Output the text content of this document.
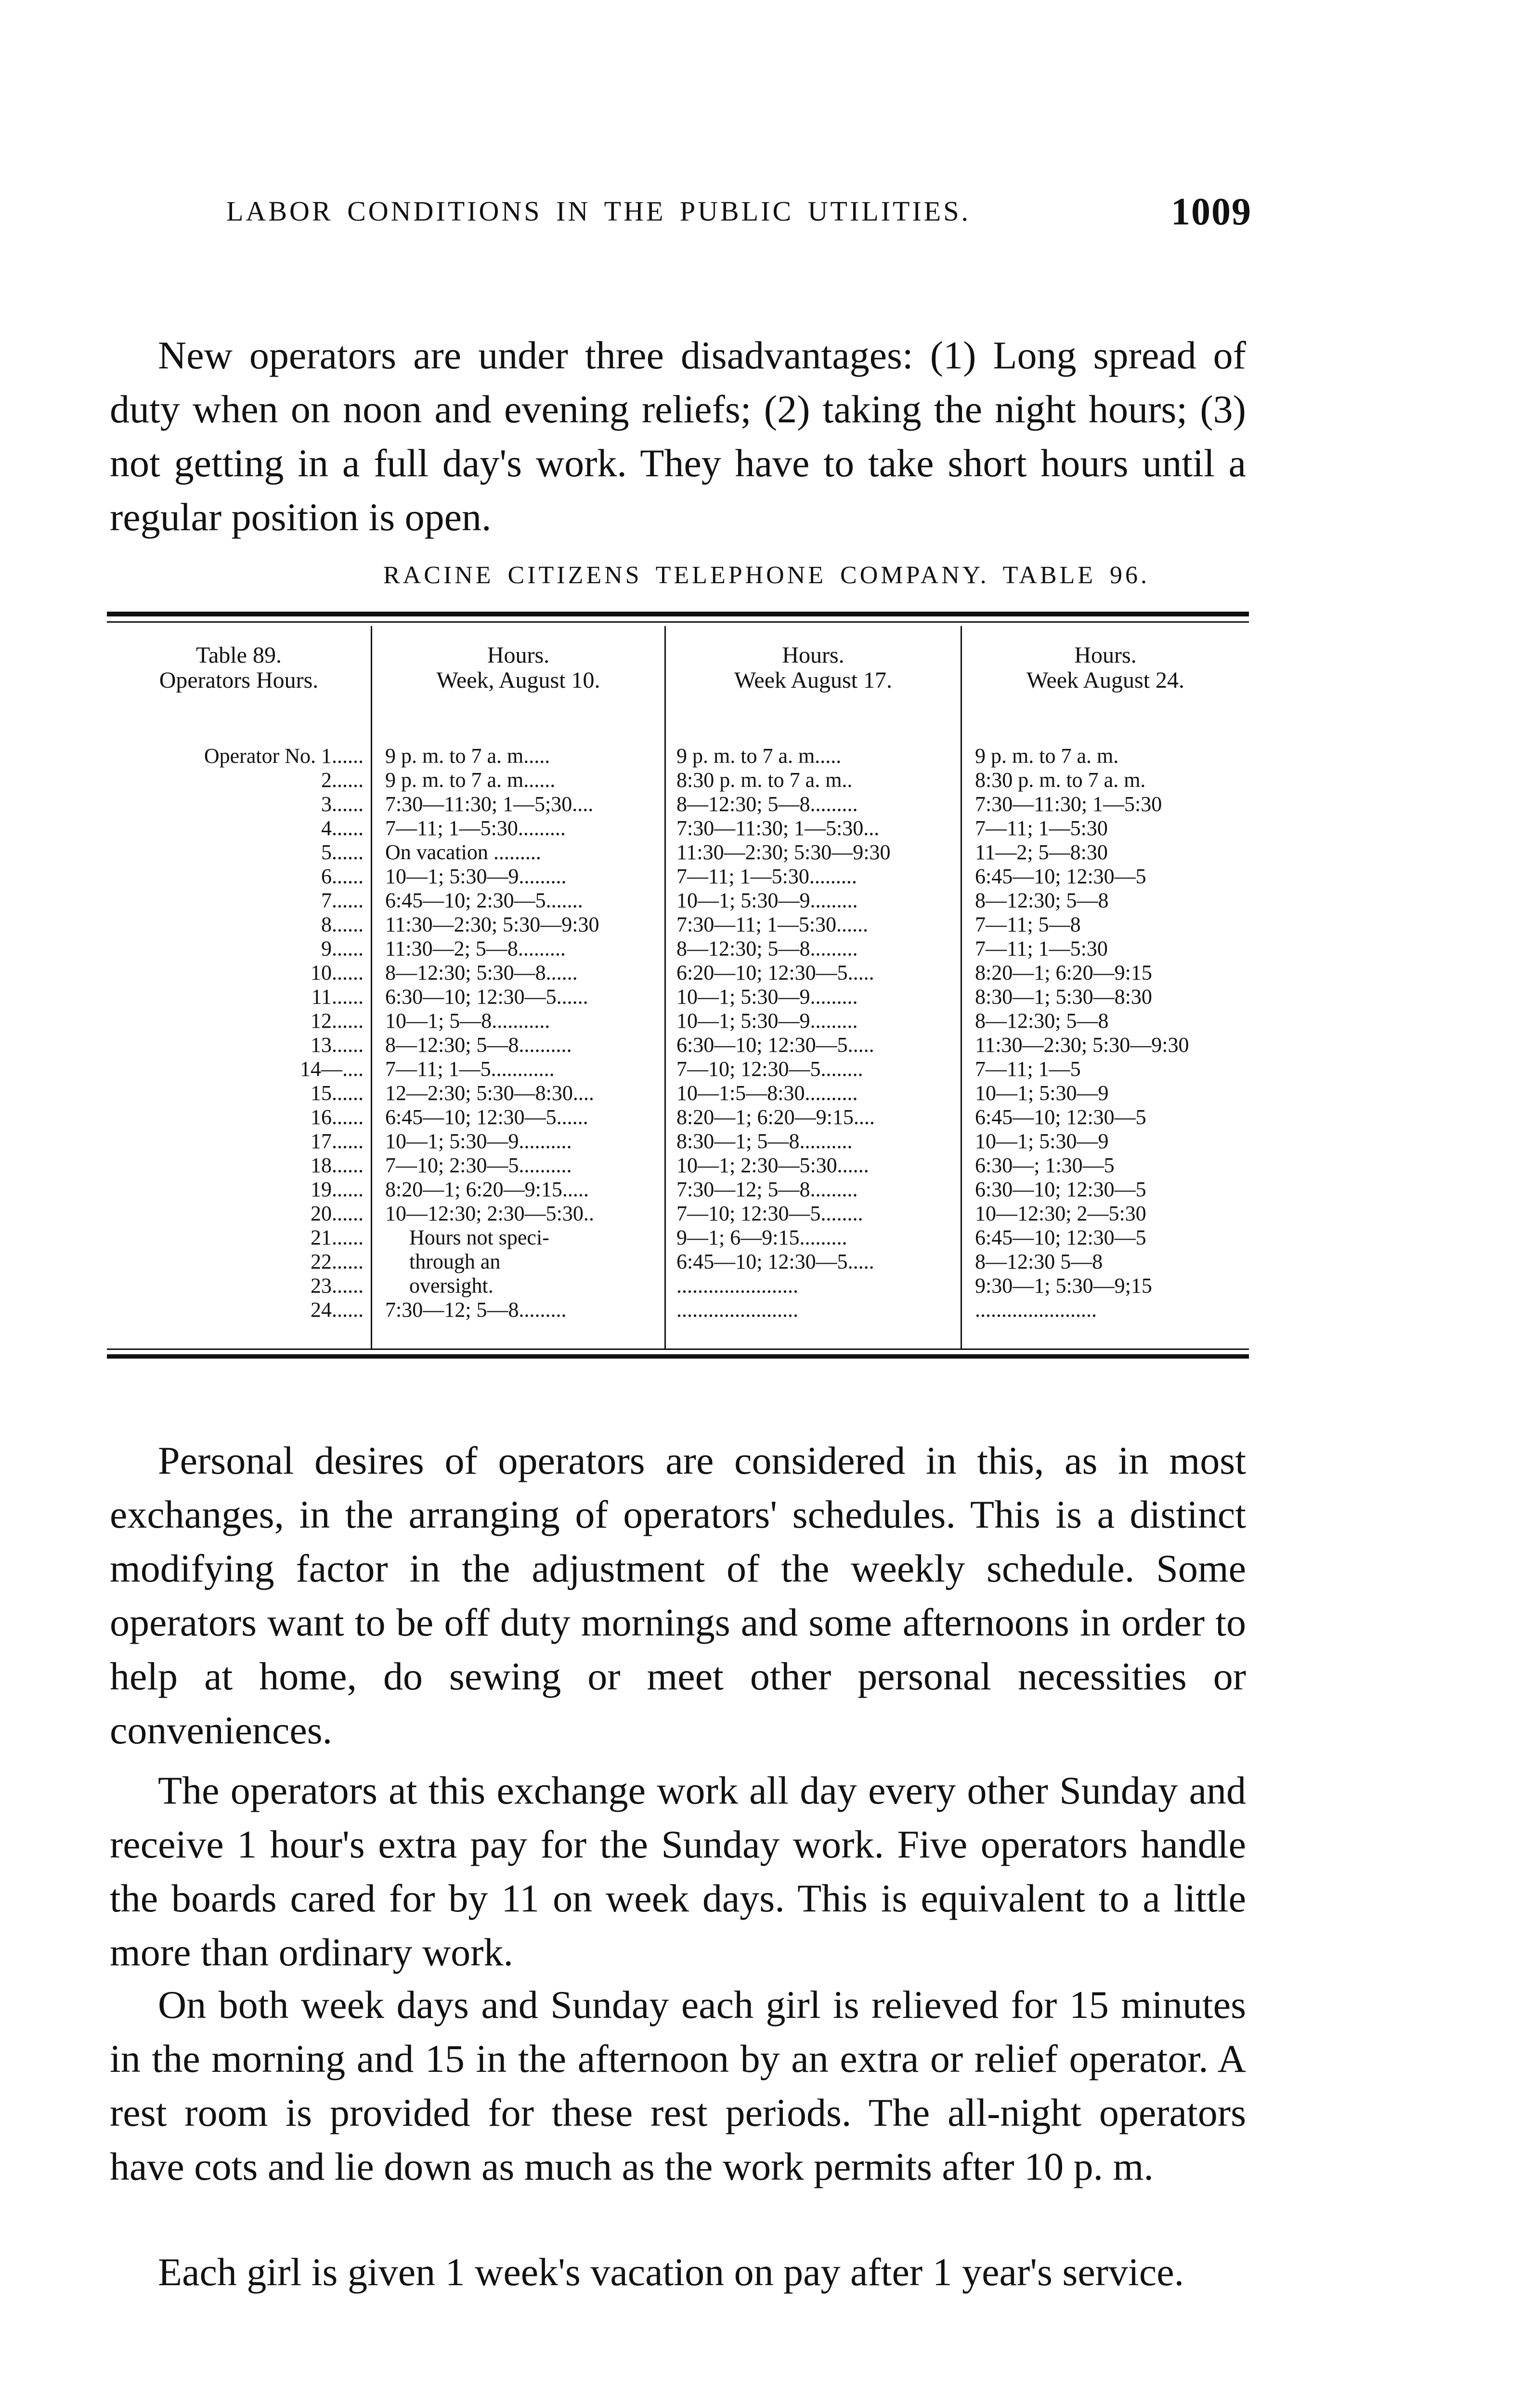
LABOR CONDITIONS IN THE PUBLIC UTILITIES.	1009

New operators are under three disadvantages: (1) Long spread of duty when on noon and evening reliefs; (2) taking the night hours; (3) not getting in a full day's work. They have to take short hours until a regular position is open.

RACINE CITIZENS TELEPHONE COMPANY. TABLE 96.
Table 89.
Operators Hours.
Hours.
Week, August 10.
Hours.
Week August 17.
Hours.
Week August 24.
Operator No. 1......
2......
3......
4......
5......
6......
7......
8......
9......
10......
11......
12......
13......
14—....
15......
16......
17......
18......
19......
20......
21......
22......
23......
24......
9 p. m. to 7 a. m.....
9 p. m. to 7 a. m......
7:30—11:30; 1—5;30....
7—11; 1—5:30.........
On vacation .........
10—1; 5:30—9.........
6:45—10; 2:30—5.......
11:30—2:30; 5:30—9:30
11:30—2; 5—8.........
8—12:30; 5:30—8......
6:30—10; 12:30—5......
10—1; 5—8...........
8—12:30; 5—8..........
7—11; 1—5............
12—2:30; 5:30—8:30....
6:45—10; 12:30—5......
10—1; 5:30—9..........
7—10; 2:30—5..........
8:20—1; 6:20—9:15.....
10—12:30; 2:30—5:30..
Hours not speci-
through an
oversight.
7:30—12; 5—8.........
9 p. m. to 7 a. m.....
8:30 p. m. to 7 a. m..
8—12:30; 5—8.........
7:30—11:30; 1—5:30...
11:30—2:30; 5:30—9:30
7—11; 1—5:30.........
10—1; 5:30—9.........
7:30—11; 1—5:30......
8—12:30; 5—8.........
6:20—10; 12:30—5.....
10—1; 5:30—9.........
10—1; 5:30—9.........
6:30—10; 12:30—5.....
7—10; 12:30—5........
10—1:5—8:30..........
8:20—1; 6:20—9:15....
8:30—1; 5—8..........
10—1; 2:30—5:30......
7:30—12; 5—8.........
7—10; 12:30—5........
9—1; 6—9:15.........
6:45—10; 12:30—5.....
.......................
.......................
9 p. m. to 7 a. m.
8:30 p. m. to 7 a. m.
7:30—11:30; 1—5:30
7—11; 1—5:30
11—2; 5—8:30
6:45—10; 12:30—5
8—12:30; 5—8
7—11; 5—8
7—11; 1—5:30
8:20—1; 6:20—9:15
8:30—1; 5:30—8:30
8—12:30; 5—8
11:30—2:30; 5:30—9:30
7—11; 1—5
10—1; 5:30—9
6:45—10; 12:30—5
10—1; 5:30—9
6:30—; 1:30—5
6:30—10; 12:30—5
10—12:30; 2—5:30
6:45—10; 12:30—5
8—12:30 5—8
9:30—1; 5:30—9;15
.......................

Personal desires of operators are considered in this, as in most exchanges, in the arranging of operators' schedules. This is a distinct modifying factor in the adjustment of the weekly schedule. Some operators want to be off duty mornings and some afternoons in order to help at home, do sewing or meet other personal necessities or conveniences.

The operators at this exchange work all day every other Sunday and receive 1 hour's extra pay for the Sunday work. Five operators handle the boards cared for by 11 on week days. This is equivalent to a little more than ordinary work.

On both week days and Sunday each girl is relieved for 15 minutes in the morning and 15 in the afternoon by an extra or relief operator. A rest room is provided for these rest periods. The all-night operators have cots and lie down as much as the work permits after 10 p. m.

Each girl is given 1 week's vacation on pay after 1 year's service.
